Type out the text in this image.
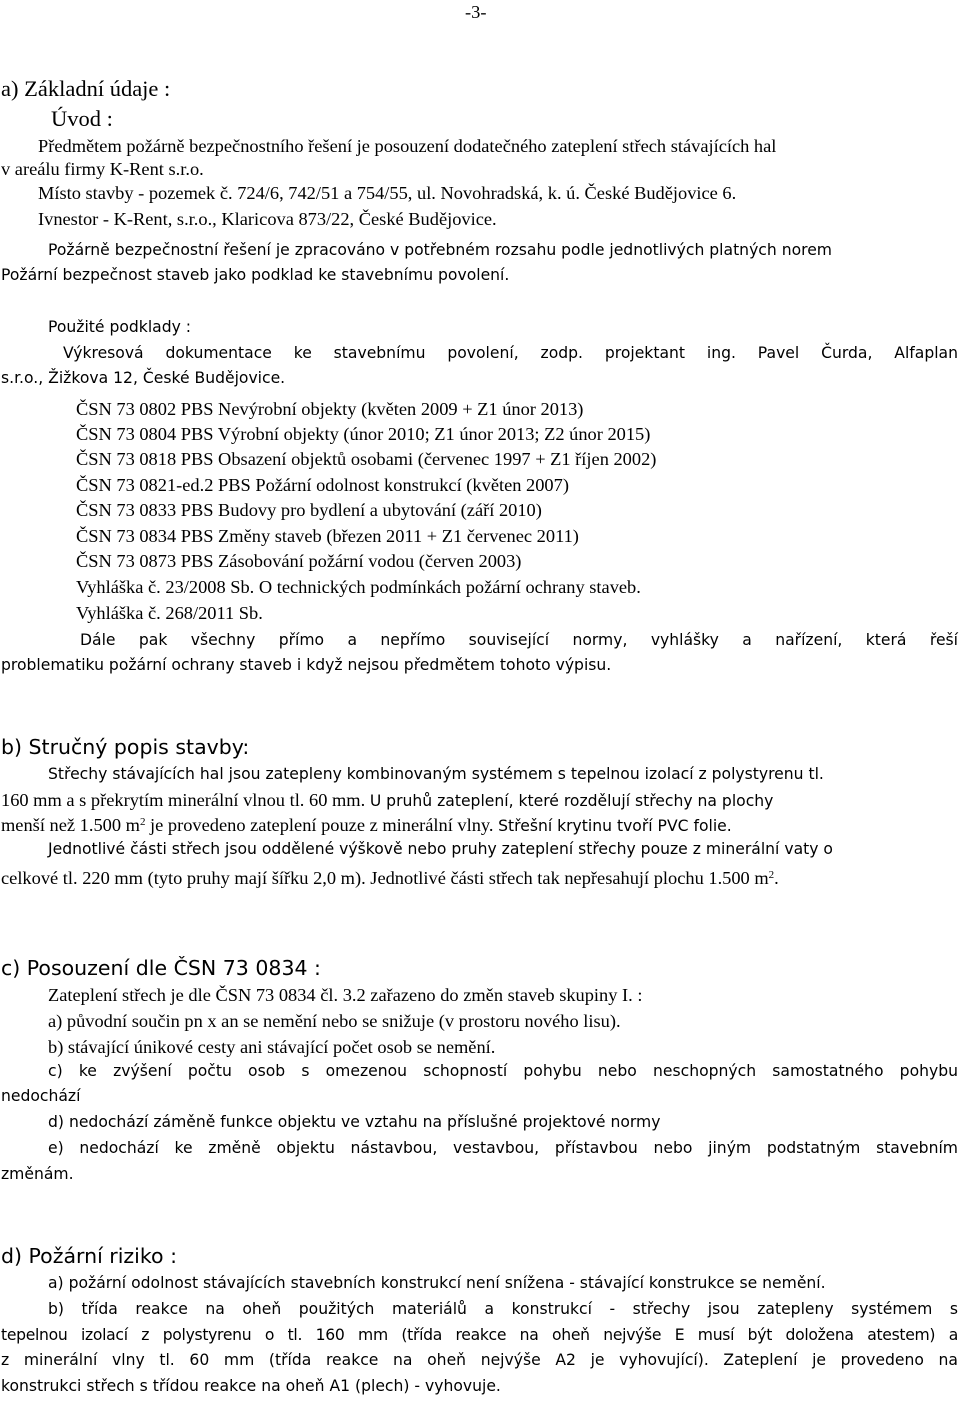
-3-
a) Základní údaje :
Úvod :
Předmětem požárně bezpečnostního řešení je posouzení dodatečného zateplení střech stávajících hal
v areálu firmy K-Rent s.r.o.
Místo stavby - pozemek č. 724/6, 742/51 a 754/55, ul. Novohradská, k. ú. České Budějovice 6.
Ivnestor - K-Rent, s.r.o., Klaricova 873/22, České Budějovice.
Požárně bezpečnostní řešení je zpracováno v potřebném rozsahu podle jednotlivých platných norem
Požární bezpečnost staveb jako podklad ke stavebnímu povolení.
Použité podklady :
Výkresová dokumentace ke stavebnímu povolení, zodp. projektant ing. Pavel Čurda, Alfaplan
s.r.o., Žižkova 12, České Budějovice.
ČSN 73 0802 PBS Nevýrobní objekty (květen 2009 + Z1 únor 2013)
ČSN 73 0804 PBS Výrobní objekty (únor 2010; Z1 únor 2013; Z2 únor 2015)
ČSN 73 0818 PBS Obsazení objektů osobami (červenec 1997 + Z1 říjen 2002)
ČSN 73 0821-ed.2 PBS Požární odolnost konstrukcí (květen 2007)
ČSN 73 0833 PBS Budovy pro bydlení a ubytování (září 2010)
ČSN 73 0834 PBS Změny staveb (březen 2011 + Z1 červenec 2011)
ČSN 73 0873 PBS Zásobování požární vodou (červen 2003)
Vyhláška č. 23/2008 Sb. O technických podmínkách požární ochrany staveb.
Vyhláška č. 268/2011 Sb.
Dále pak všechny přímo a nepřímo související normy, vyhlášky a nařízení, která řeší
problematiku požární ochrany staveb i když nejsou předmětem tohoto výpisu.
b) Stručný popis stavby:
Střechy stávajících hal jsou zatepleny kombinovaným systémem s tepelnou izolací z polystyrenu tl.
160 mm a s překrytím minerální vlnou tl. 60 mm. U pruhů zateplení, které rozdělují střechy na plochy
menší než 1.500 $m^2$ je provedeno zateplení pouze z minerální vlny. Střešní krytinu tvoří PVC folie.
Jednotlivé části střech jsou oddělené výškově nebo pruhy zateplení střechy pouze z minerální vaty o
celkové tl. 220 mm (tyto pruhy mají šířku 2,0 m). Jednotlivé části střech tak nepřesahují plochu 1.500 $m^2$.
c) Posouzení dle ČSN 73 0834 :
Zateplení střech je dle ČSN 73 0834 čl. 3.2 zařazeno do změn staveb skupiny I. :
a) původní součin pn x an se nemění nebo se snižuje (v prostoru nového lisu).
b) stávající únikové cesty ani stávající počet osob se nemění.
c) ke zvýšení počtu osob s omezenou schopností pohybu nebo neschopných samostatného pohybu
nedochází
d) nedochází záměně funkce objektu ve vztahu na příslušné projektové normy
e) nedochází ke změně objektu nástavbou, vestavbou, přístavbou nebo jiným podstatným stavebním
změnám.
d) Požární riziko :
a) požární odolnost stávajících stavebních konstrukcí není snížena - stávající konstrukce se nemění.
b) třída reakce na oheň použitých materiálů a konstrukcí - střechy jsou zatepleny systémem s
tepelnou izolací z polystyrenu o tl. 160 mm (třída reakce na oheň nejvýše E musí být doložena atestem) a
z minerální vlny tl. 60 mm (třída reakce na oheň nejvýše A2 je vyhovující). Zateplení je provedeno na
konstrukci střech s třídou reakce na oheň A1 (plech) - vyhovuje.
